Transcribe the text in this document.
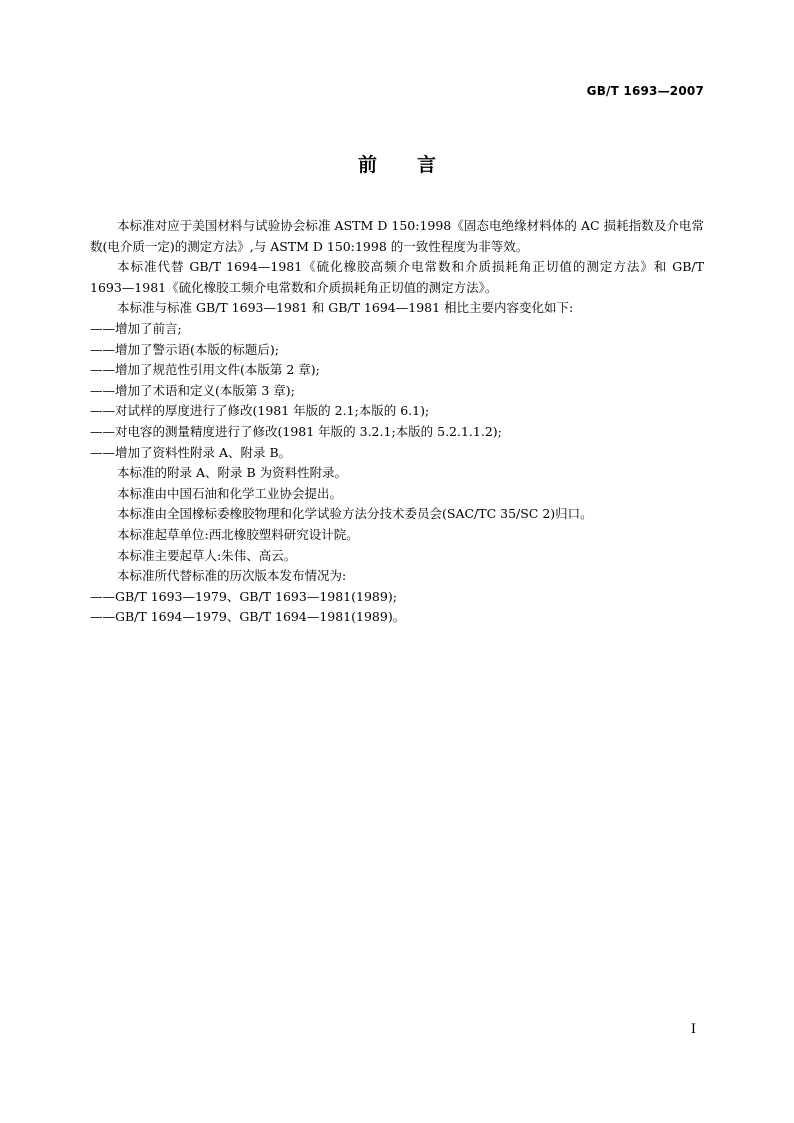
GB/T 1693—2007
前言

本标准对应于美国材料与试验协会标准 ASTM D 150:1998《固态电绝缘材料体的 AC 损耗指数及介电常数(电介质一定)的测定方法》,与 ASTM D 150:1998 的一致性程度为非等效。

本标准代替 GB/T 1694—1981《硫化橡胶高频介电常数和介质损耗角正切值的测定方法》和 GB/T 1693—1981《硫化橡胶工频介电常数和介质损耗角正切值的测定方法》。

本标准与标准 GB/T 1693—1981 和 GB/T 1694—1981 相比主要内容变化如下:

——增加了前言;

——增加了警示语(本版的标题后);

——增加了规范性引用文件(本版第 2 章);

——增加了术语和定义(本版第 3 章);

——对试样的厚度进行了修改(1981 年版的 2.1;本版的 6.1);

——对电容的测量精度进行了修改(1981 年版的 3.2.1;本版的 5.2.1.1.2);

——增加了资料性附录 A、附录 B。

本标准的附录 A、附录 B 为资料性附录。

本标准由中国石油和化学工业协会提出。

本标准由全国橡标委橡胶物理和化学试验方法分技术委员会(SAC/TC 35/SC 2)归口。

本标准起草单位:西北橡胶塑料研究设计院。

本标准主要起草人:朱伟、高云。

本标准所代替标准的历次版本发布情况为:

——GB/T 1693—1979、GB/T 1693—1981(1989);

——GB/T 1694—1979、GB/T 1694—1981(1989)。

I
